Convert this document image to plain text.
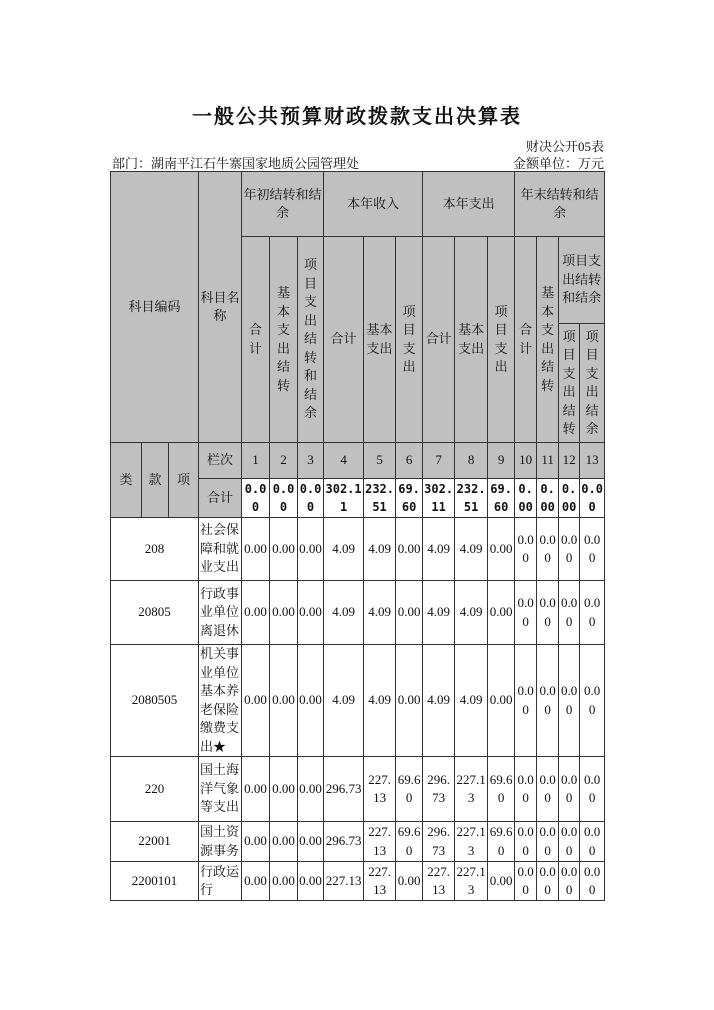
一般公共预算财政拨款支出决算表
财决公开05表
部门：湖南平江石牛寨国家地质公园管理处	金额单位：万元
科目编码			科目名称	年初结转和结余			本年收入			本年支出			年末结转和结余			
				合计	基本支出结转	项目支出结转和结余	合计	基本支出	项目支出	合计	基本支出	项目支出	合计	基本支出结转	项目支出结转和结余	
															项目支出结转	项目支出结余
类	款	项	栏次	1	2	3	4	5	6	7	8	9	10	11	12	13
			合计	0.00	0.00	0.00	302.11	232.51	69.60	302.11	232.51	69.60	0.00	0.00	0.00	0.00
208			社会保障和就业支出	0.00	0.00	0.00	4.09	4.09	0.00	4.09	4.09	0.00	0.00	0.00	0.00	0.00
20805			行政事业单位离退休	0.00	0.00	0.00	4.09	4.09	0.00	4.09	4.09	0.00	0.00	0.00	0.00	0.00
2080505			机关事业单位基本养老保险缴费支出★	0.00	0.00	0.00	4.09	4.09	0.00	4.09	4.09	0.00	0.00	0.00	0.00	0.00
220			国土海洋气象等支出	0.00	0.00	0.00	296.73	227.13	69.60	296.73	227.13	69.60	0.00	0.00	0.00	0.00
22001			国土资源事务	0.00	0.00	0.00	296.73	227.13	69.60	296.73	227.13	69.60	0.00	0.00	0.00	0.00
2200101			行政运行	0.00	0.00	0.00	227.13	227.13	0.00	227.13	227.13	0.00	0.00	0.00	0.00	0.00
